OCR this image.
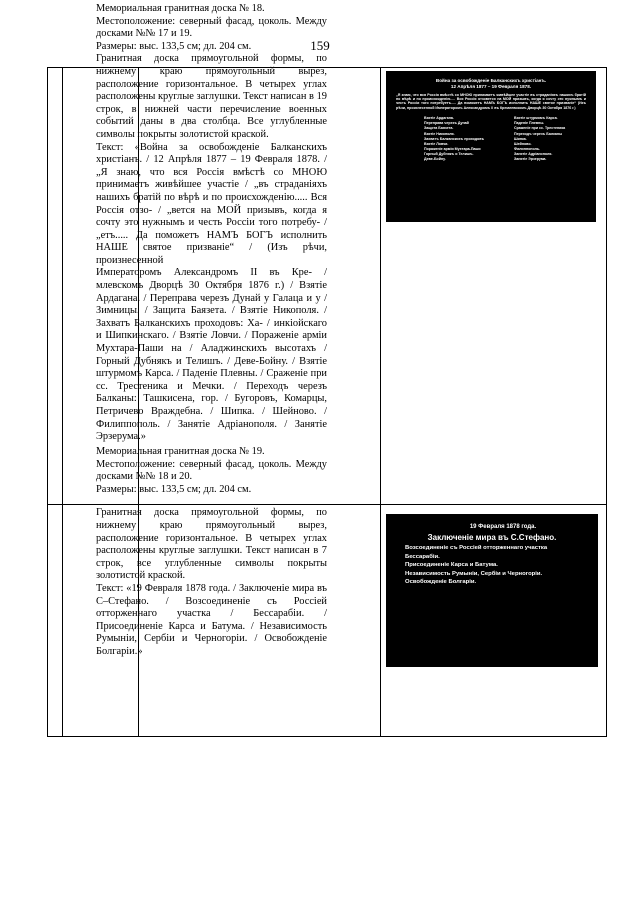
159

Мемориальная гранитная доска № 18.

Местоположение: северный фасад, цоколь. Между досками №№ 17 и 19.

Размеры: выс. 133,5 см; дл. 204 см.

Гранитная доска прямоугольной формы, по нижнему краю прямоугольный вырез, расположение горизонтальное. В четырех углах расположены круглые заглушки. Текст написан в 19 строк, в нижней части перечисление военных событий даны в два столбца. Все углубленные символы покрыты золотистой краской.

Текст: «Война за освобожденіе Балканскихъ христіанъ. / 12 Апрѣля 1877 – 19 Февраля 1878. / „Я знаю, что вся Россія вмѣстѣ со МНОЮ принимаетъ живѣйшее участіе / „въ страданіяхъ нашихъ братій по вѣрѣ и по происхожденію..... Вся Россія отзо- / „вется на МОЙ призывъ, когда я сочту это нужнымъ и честь Россіи того потребу- / „етъ..... Да поможетъ НАМЪ БОГЪ исполнить НАШЕ святое призваніе“ / (Изъ рѣчи, произнесенной

Императоромъ Александромъ II въ Кре- / млевскомъ Дворцѣ 30 Октября 1876 г.) / Взятіе Ардагана. / Переправа черезъ Дунай у Галаца и у / Зимницы. / Защита Баязета. / Взятіе Никополя. / Захватъ Балканскихъ проходовъ: Ха- / инкіойскаго и Шипкинскаго. / Взятіе Ловчи. / Пораженіе арміи Мухтара-Паши на / Аладжинскихъ высотахъ / Горный Дубнякъ и Телишъ. / Деве-Бойну. / Взятіе штурмомъ Карса. / Паденіе Плевны. / Сраженіе при сс. Трестеника и Мечки. / Переходъ черезъ Балканы: Ташкисена, гор. / Бугоровъ, Комарцы, Петричево Враждебна. / Шипка. / Шейново. / Филиппополь. / Занятіе Адріанополя. / Занятіе Эрзерума.»

Мемориальная гранитная доска № 19.

Местоположение: северный фасад, цоколь. Между досками №№ 18 и 20.

Размеры: выс. 133,5 см; дл. 204 см.

Гранитная доска прямоугольной формы, по нижнему краю прямоугольный вырез, расположение горизонтальное. В четырех углах расположены круглые заглушки. Текст написан в 7 строк, все углубленные символы покрыты золотистой краской.

Текст: «19 Февраля 1878 года. / Заключеніе мира въ С–Стефано. / Возсоединеніе съ Россіей отторженнаго участка / Бессарабіи. / Присоединеніе Карса и Батума. / Независимость Румыніи, Сербіи и Черногоріи. / Освобожденіе Болгаріи.»

Война за освобожденіе Балканскихъ христіанъ.
12 Апрѣля 1877 – 19 Февраля 1878.
„Я знаю, что вся Россія вмѣстѣ со МНОЮ принимаетъ живѣйшее участіе въ страданіяхъ нашихъ братій по вѣрѣ и по происхожденію..... Вся Россія отзовется на МОЙ призывъ, когда я сочту это нужнымъ и честь Россіи того потребуетъ..... Да поможетъ НАМЪ БОГЪ исполнить НАШЕ святое призваніе“ (Изъ рѣчи, произнесенной Императоромъ Александромъ II въ Кремлевскомъ Дворцѣ 30 Октября 1876 г.)
Взятіе Ардагана.
Переправа черезъ Дунай
Защита Баязета.
Взятіе Никополя.
Захватъ Балканскихъ проходовъ
Взятіе Ловчи.
Пораженіе арміи Мухтара-Паши
Горный Дубнякъ и Телишъ.
Деве-Бойну.
Взятіе штурмомъ Карса.
Паденіе Плевны.
Сраженіе при сс. Трестеника
Переходъ черезъ Балканы
Шипка.
Шейново.
Филиппополь.
Занятіе Адріанополя.
Занятіе Эрзерума.
19 Февраля 1878 года.
Заключеніе мира въ С.Стефано.
Возсоединеніе съ Россіей отторженнаго участка
Бессарабіи.
Присоединеніе Карса и Батума.
Независимость Румыніи, Сербіи и Черногоріи.
Освобожденіе Болгаріи.
